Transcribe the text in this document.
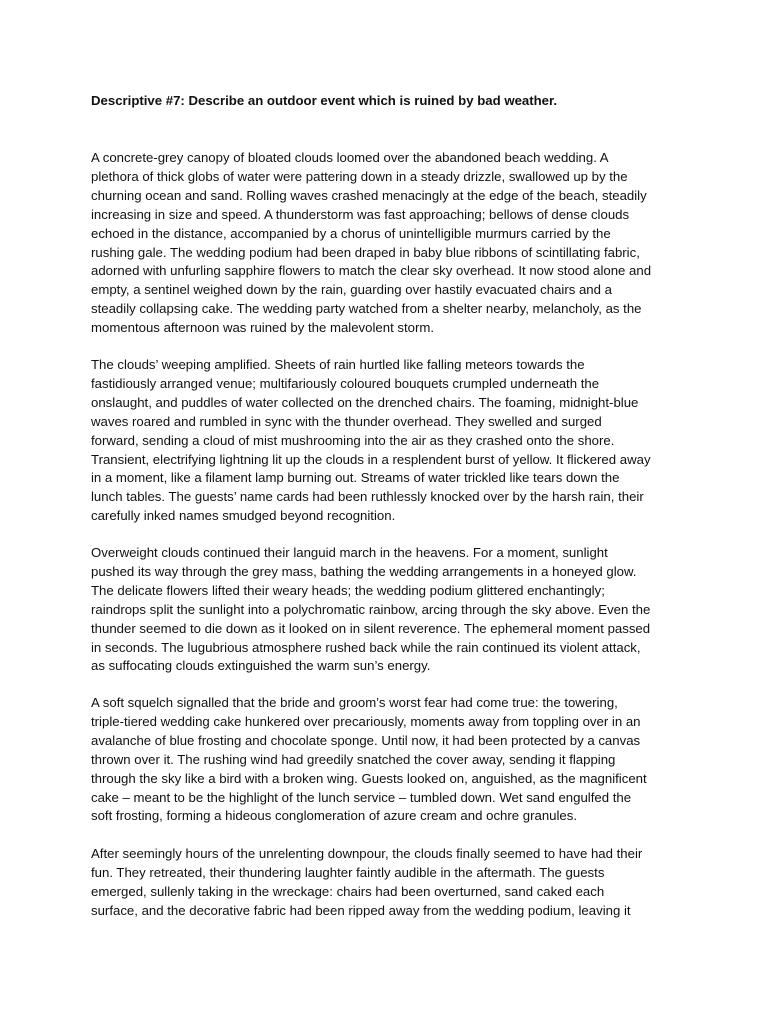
Descriptive #7: Describe an outdoor event which is ruined by bad weather.

A concrete-grey canopy of bloated clouds loomed over the abandoned beach wedding. A
plethora of thick globs of water were pattering down in a steady drizzle, swallowed up by the
churning ocean and sand. Rolling waves crashed menacingly at the edge of the beach, steadily
increasing in size and speed. A thunderstorm was fast approaching; bellows of dense clouds
echoed in the distance, accompanied by a chorus of unintelligible murmurs carried by the
rushing gale. The wedding podium had been draped in baby blue ribbons of scintillating fabric,
adorned with unfurling sapphire flowers to match the clear sky overhead. It now stood alone and
empty, a sentinel weighed down by the rain, guarding over hastily evacuated chairs and a
steadily collapsing cake. The wedding party watched from a shelter nearby, melancholy, as the
momentous afternoon was ruined by the malevolent storm.

The clouds’ weeping amplified. Sheets of rain hurtled like falling meteors towards the
fastidiously arranged venue; multifariously coloured bouquets crumpled underneath the
onslaught, and puddles of water collected on the drenched chairs. The foaming, midnight-blue
waves roared and rumbled in sync with the thunder overhead. They swelled and surged
forward, sending a cloud of mist mushrooming into the air as they crashed onto the shore.
Transient, electrifying lightning lit up the clouds in a resplendent burst of yellow. It flickered away
in a moment, like a filament lamp burning out. Streams of water trickled like tears down the
lunch tables. The guests’ name cards had been ruthlessly knocked over by the harsh rain, their
carefully inked names smudged beyond recognition.

Overweight clouds continued their languid march in the heavens. For a moment, sunlight
pushed its way through the grey mass, bathing the wedding arrangements in a honeyed glow.
The delicate flowers lifted their weary heads; the wedding podium glittered enchantingly;
raindrops split the sunlight into a polychromatic rainbow, arcing through the sky above. Even the
thunder seemed to die down as it looked on in silent reverence. The ephemeral moment passed
in seconds. The lugubrious atmosphere rushed back while the rain continued its violent attack,
as suffocating clouds extinguished the warm sun’s energy.

A soft squelch signalled that the bride and groom’s worst fear had come true: the towering,
triple-tiered wedding cake hunkered over precariously, moments away from toppling over in an
avalanche of blue frosting and chocolate sponge. Until now, it had been protected by a canvas
thrown over it. The rushing wind had greedily snatched the cover away, sending it flapping
through the sky like a bird with a broken wing. Guests looked on, anguished, as the magnificent
cake – meant to be the highlight of the lunch service – tumbled down. Wet sand engulfed the
soft frosting, forming a hideous conglomeration of azure cream and ochre granules.

After seemingly hours of the unrelenting downpour, the clouds finally seemed to have had their
fun. They retreated, their thundering laughter faintly audible in the aftermath. The guests
emerged, sullenly taking in the wreckage: chairs had been overturned, sand caked each
surface, and the decorative fabric had been ripped away from the wedding podium, leaving it
